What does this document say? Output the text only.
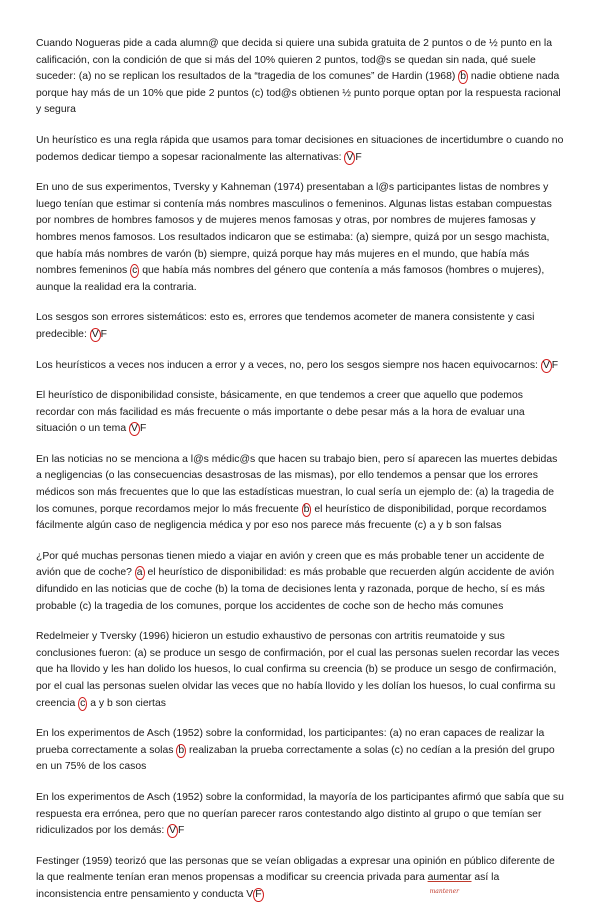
Cuando Nogueras pide a cada alumn@ que decida si quiere una subida gratuita de 2 puntos o de ½ punto en la calificación, con la condición de que si más del 10% quieren 2 puntos, tod@s se quedan sin nada, qué suele suceder: (a) no se replican los resultados de la “tragedia de los comunes” de Hardin (1968) b nadie obtiene nada porque hay más de un 10% que pide 2 puntos (c) tod@s obtienen ½ punto porque optan por la respuesta racional y segura

Un heurístico es una regla rápida que usamos para tomar decisiones en situaciones de incertidumbre o cuando no podemos dedicar tiempo a sopesar racionalmente las alternativas: V F

En uno de sus experimentos, Tversky y Kahneman (1974) presentaban a l@s participantes listas de nombres y luego tenían que estimar si contenía más nombres masculinos o femeninos. Algunas listas estaban compuestas por nombres de hombres famosos y de mujeres menos famosas y otras, por nombres de mujeres famosas y hombres menos famosos. Los resultados indicaron que se estimaba: (a) siempre, quizá por un sesgo machista, que había más nombres de varón (b) siempre, quizá porque hay más mujeres en el mundo, que había más nombres femeninos c que había más nombres del género que contenía a más famosos (hombres o mujeres), aunque la realidad era la contraria.

Los sesgos son errores sistemáticos: esto es, errores que tendemos acometer de manera consistente y casi predecible: V F

Los heurísticos a veces nos inducen a error y a veces, no, pero los sesgos siempre nos hacen equivocarnos: V F

El heurístico de disponibilidad consiste, básicamente, en que tendemos a creer que aquello que podemos recordar con más facilidad es más frecuente o más importante o debe pesar más a la hora de evaluar una situación o un tema V F

En las noticias no se menciona a l@s médic@s que hacen su trabajo bien, pero sí aparecen las muertes debidas a negligencias (o las consecuencias desastrosas de las mismas), por ello tendemos a pensar que los errores médicos son más frecuentes que lo que las estadísticas muestran, lo cual sería un ejemplo de: (a) la tragedia de los comunes, porque recordamos mejor lo más frecuente b el heurístico de disponibilidad, porque recordamos fácilmente algún caso de negligencia médica y por eso nos parece más frecuente (c) a y b son falsas

¿Por qué muchas personas tienen miedo a viajar en avión y creen que es más probable tener un accidente de avión que de coche? a el heurístico de disponibilidad: es más probable que recuerden algún accidente de avión difundido en las noticias que de coche (b) la toma de decisiones lenta y razonada, porque de hecho, sí es más probable (c) la tragedia de los comunes, porque los accidentes de coche son de hecho más comunes

Redelmeier y Tversky (1996) hicieron un estudio exhaustivo de personas con artritis reumatoide y sus conclusiones fueron: (a) se produce un sesgo de confirmación, por el cual las personas suelen recordar las veces que ha llovido y les han dolido los huesos, lo cual confirma su creencia (b) se produce un sesgo de confirmación, por el cual las personas suelen olvidar las veces que no había llovido y les dolían los huesos, lo cual confirma su creencia c a y b son ciertas

En los experimentos de Asch (1952) sobre la conformidad, los participantes: (a) no eran capaces de realizar la prueba correctamente a solas b realizaban la prueba correctamente a solas (c) no cedían a la presión del grupo en un 75% de los casos

En los experimentos de Asch (1952) sobre la conformidad, la mayoría de los participantes afirmó que sabía que su respuesta era errónea, pero que no querían parecer raros contestando algo distinto al grupo o que temían ser ridiculizados por los demás: V F

Festinger (1959) teorizó que las personas que se veían obligadas a expresar una opinión en público diferente de la que realmente tenían eran menos propensas a modificar su creencia privada para aumentar
mantener
así la inconsistencia entre pensamiento y conducta V F
